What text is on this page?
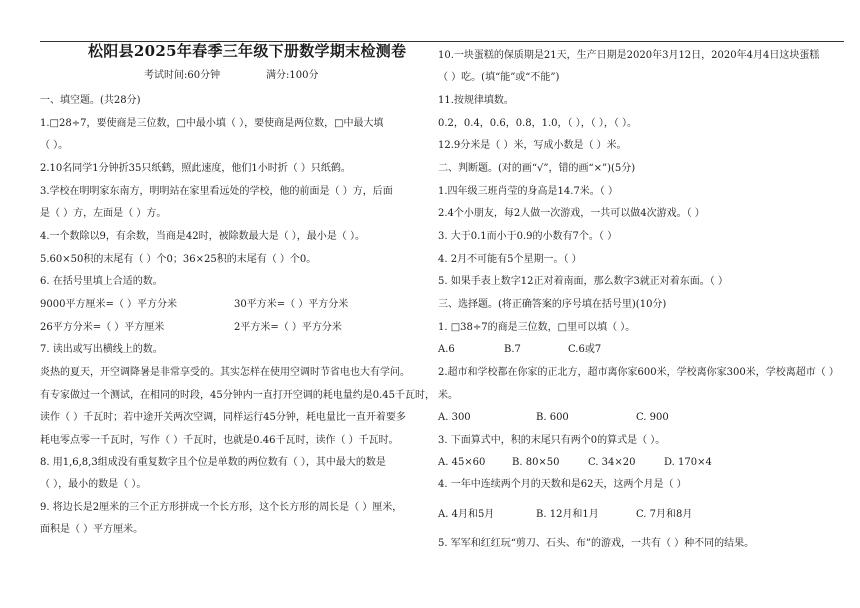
松阳县2025年春季三年级下册数学期末检测卷
考试时间:60分钟	满分:100分
一、填空题。(共28分)
1.□28÷7，要使商是三位数，□中最小填（ ），要使商是两位数，□中最大填
（ ）。
2.10名同学1分钟折35只纸鹤，照此速度，他们1小时折（ ）只纸鹤。
3.学校在明明家东南方，明明站在家里看远处的学校，他的前面是（ ）方，后面
是（ ）方，左面是（ ）方。
4.一个数除以9，有余数，当商是42时，被除数最大是（ ），最小是（ ）。
5.60×50积的末尾有（ ）个0；36×25积的末尾有（ ）个0。
6. 在括号里填上合适的数。
9000平方厘米=（ ）平方分米	30平方米=（ ）平方分米
26平方分米=（ ）平方厘米	2平方米=（ ）平方分米
7. 读出或写出横线上的数。
炎热的夏天，开空调降暑是非常享受的。其实怎样在使用空调时节省电也大有学问。
有专家做过一个测试，在相同的时段，45分钟内一直打开空调的耗电量约是0.45千瓦时，
读作（ ）千瓦时；若中途开关两次空调，同样运行45分钟，耗电量比一直开着要多
耗电零点零一千瓦时，写作（ ）千瓦时，也就是0.46千瓦时，读作（ ）千瓦时。
8. 用1,6,8,3组成没有重复数字且个位是单数的两位数有（ ），其中最大的数是
（ ），最小的数是（ ）。
9. 将边长是2厘米的三个正方形拼成一个长方形，这个长方形的周长是（ ）厘米，
面积是（ ）平方厘米。
10.一块蛋糕的保质期是21天，生产日期是2020年3月12日，2020年4月4日这块蛋糕
（ ）吃。(填“能”或“不能”)
11.按规律填数。
0.2，0.4，0.6，0.8，1.0，（ ），（ ），（ ）。
12.9分米是（ ）米，写成小数是（ ）米。
二、判断题。(对的画“√”，错的画“×”)(5分)
1.四年级三班肖莹的身高是14.7米。（ ）
2.4个小朋友，每2人做一次游戏，一共可以做4次游戏。（ ）
3. 大于0.1而小于0.9的小数有7个。（ ）
4. 2月不可能有5个星期一。（ ）
5. 如果手表上数字12正对着南面，那么数字3就正对着东面。（ ）
三、选择题。(将正确答案的序号填在括号里)(10分)
1. □38÷7的商是三位数，□里可以填（ ）。
A.6	B.7	C.6或7
2.超市和学校都在你家的正北方，超市离你家600米，学校离你家300米，学校离超市（ ）
米。
A. 300	B. 600	C. 900
3. 下面算式中，积的末尾只有两个0的算式是（ ）。
A. 45×60	B. 80×50	C. 34×20	D. 170×4
4. 一年中连续两个月的天数和是62天，这两个月是（ ）
A. 4月和5月	B. 12月和1月	C. 7月和8月
5. 军军和红红玩“剪刀、石头、布”的游戏，一共有（ ）种不同的结果。
